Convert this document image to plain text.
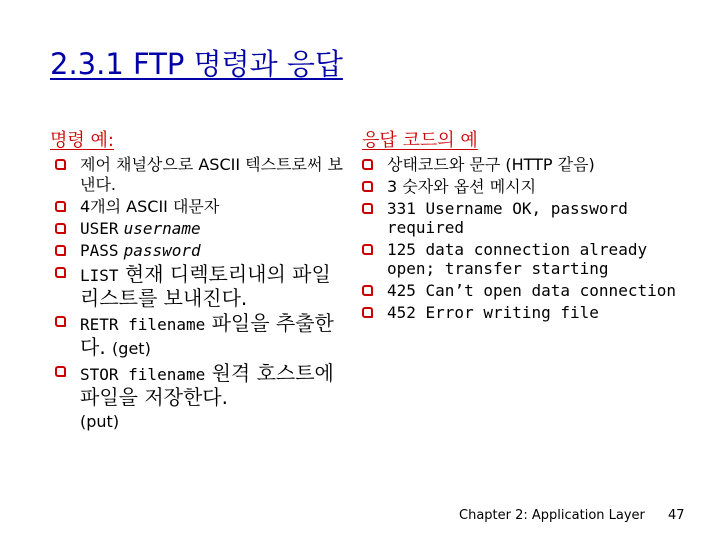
2.3.1 FTP 명령과 응답
명령 예:	응답 코드의 예
제어 채널상으로 ASCII 텍스트로써 보낸다.
4개의 ASCII 대문자
USER username
PASS password
LIST 현재 디렉토리내의 파일 리스트를 보내진다.
RETR filename 파일을 추출한다. (get)
STOR filename 원격 호스트에 파일을 저장한다.
(put)
상태코드와 문구 (HTTP 같음)
3 숫자와 옵션 메시지
331 Username OK, password required
125 data connection already open; transfer starting
425 Can’t open data connection
452 Error writing file
Chapter 2: Application Layer 47
